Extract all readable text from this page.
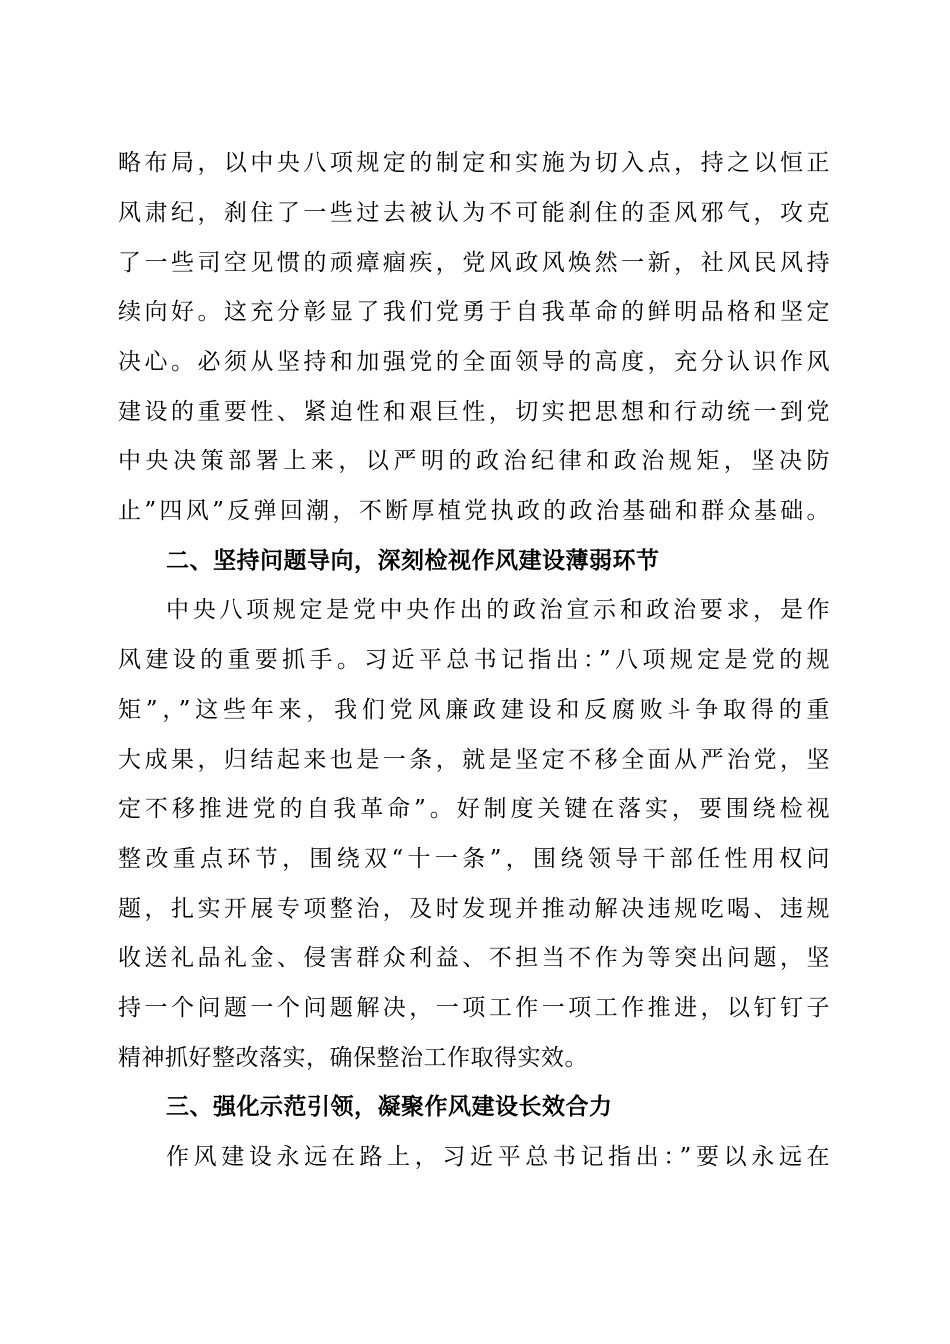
略布局，以中央八项规定的制定和实施为切入点，持之以恒正
风肃纪，刹住了一些过去被认为不可能刹住的歪风邪气，攻克
了一些司空见惯的顽瘴痼疾，党风政风焕然一新，社风民风持
续向好。这充分彰显了我们党勇于自我革命的鲜明品格和坚定
决心。必须从坚持和加强党的全面领导的高度，充分认识作风
建设的重要性、紧迫性和艰巨性，切实把思想和行动统一到党
中央决策部署上来，以严明的政治纪律和政治规矩，坚决防
止”四风”反弹回潮，不断厚植党执政的政治基础和群众基础。
二、坚持问题导向，深刻检视作风建设薄弱环节
中央八项规定是党中央作出的政治宣示和政治要求，是作
风建设的重要抓手。习近平总书记指出：”八项规定是党的规
矩”，”这些年来，我们党风廉政建设和反腐败斗争取得的重
大成果，归结起来也是一条，就是坚定不移全面从严治党，坚
定不移推进党的自我革命”。好制度关键在落实，要围绕检视
整改重点环节，围绕双“十一条”，围绕领导干部任性用权问
题，扎实开展专项整治，及时发现并推动解决违规吃喝、违规
收送礼品礼金、侵害群众利益、不担当不作为等突出问题，坚
持一个问题一个问题解决，一项工作一项工作推进，以钉钉子
精神抓好整改落实，确保整治工作取得实效。
三、强化示范引领，凝聚作风建设长效合力
作风建设永远在路上，习近平总书记指出：”要以永远在
